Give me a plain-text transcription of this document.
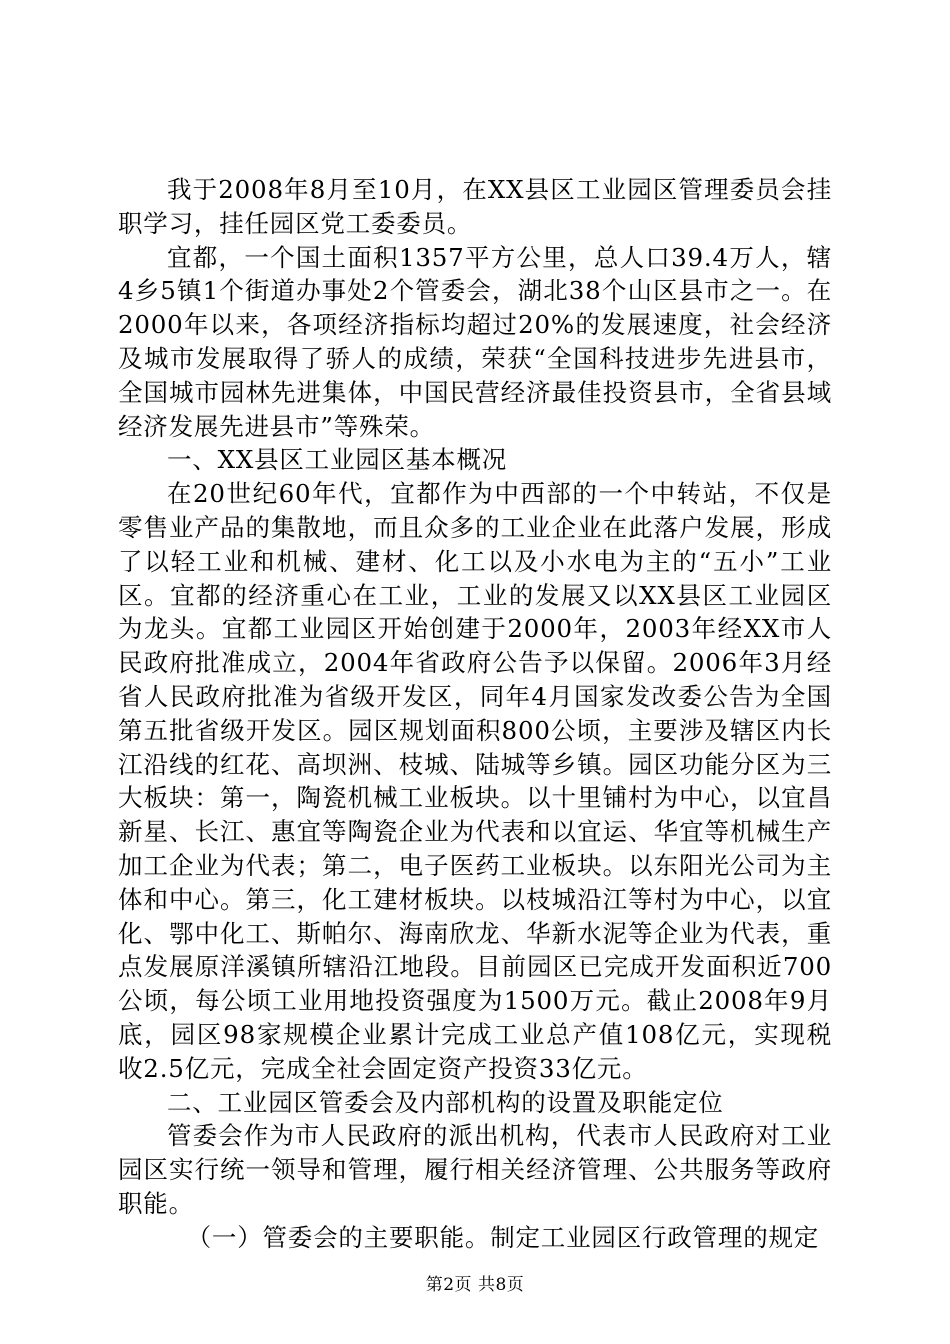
我于2008年8月至10月，在XX县区工业园区管理委员会挂职学习，挂任园区党工委委员。

宜都，一个国土面积1357平方公里，总人口39.4万人，辖4乡5镇1个街道办事处2个管委会，湖北38个山区县市之一。在2000年以来，各项经济指标均超过20%的发展速度，社会经济及城市发展取得了骄人的成绩，荣获“全国科技进步先进县市，全国城市园林先进集体，中国民营经济最佳投资县市，全省县域经济发展先进县市”等殊荣。

一、XX县区工业园区基本概况

在20世纪60年代，宜都作为中西部的一个中转站，不仅是零售业产品的集散地，而且众多的工业企业在此落户发展，形成了以轻工业和机械、建材、化工以及小水电为主的“五小”工业区。宜都的经济重心在工业，工业的发展又以XX县区工业园区为龙头。宜都工业园区开始创建于2000年，2003年经XX市人民政府批准成立，2004年省政府公告予以保留。2006年3月经省人民政府批准为省级开发区，同年4月国家发改委公告为全国第五批省级开发区。园区规划面积800公顷，主要涉及辖区内长江沿线的红花、高坝洲、枝城、陆城等乡镇。园区功能分区为三大板块：第一，陶瓷机械工业板块。以十里铺村为中心，以宜昌新星、长江、惠宜等陶瓷企业为代表和以宜运、华宜等机械生产加工企业为代表；第二，电子医药工业板块。以东阳光公司为主体和中心。第三，化工建材板块。以枝城沿江等村为中心，以宜化、鄂中化工、斯帕尔、海南欣龙、华新水泥等企业为代表，重点发展原洋溪镇所辖沿江地段。目前园区已完成开发面积近700公顷，每公顷工业用地投资强度为1500万元。截止2008年9月底，园区98家规模企业累计完成工业总产值108亿元，实现税收2.5亿元，完成全社会固定资产投资33亿元。

二、工业园区管委会及内部机构的设置及职能定位

管委会作为市人民政府的派出机构，代表市人民政府对工业园区实行统一领导和管理，履行相关经济管理、公共服务等政府职能。

（一）管委会的主要职能。制定工业园区行政管理的规定

第2页 共8页
